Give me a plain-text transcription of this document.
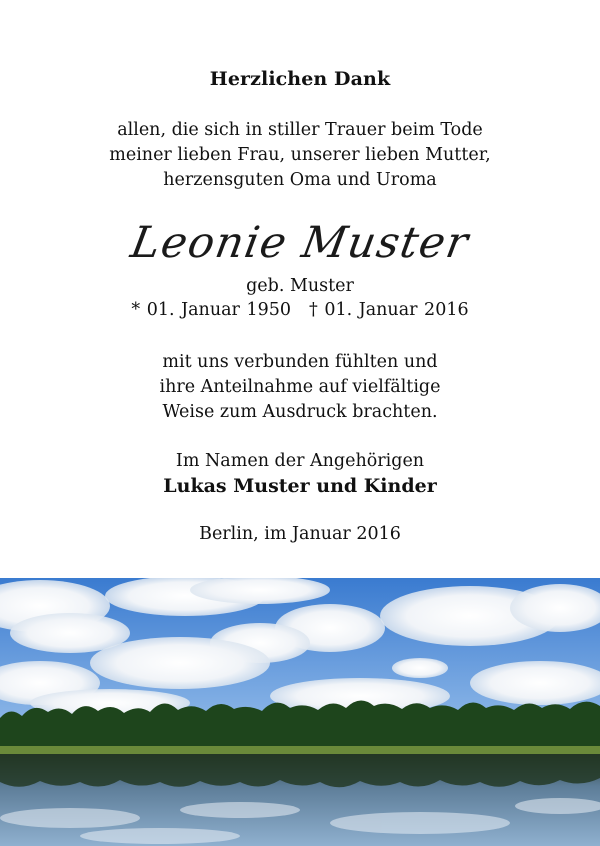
Herzlichen Dank
allen, die sich in stiller Trauer beim Tode
meiner lieben Frau, unserer lieben Mutter,
herzensguten Oma und Uroma
Leonie Muster
geb. Muster
* 01. Januar 1950 † 01. Januar 2016
mit uns verbunden fühlten und
ihre Anteilnahme auf vielfältige
Weise zum Ausdruck brachten.
Im Namen der Angehörigen
Lukas Muster und Kinder
Berlin, im Januar 2016
